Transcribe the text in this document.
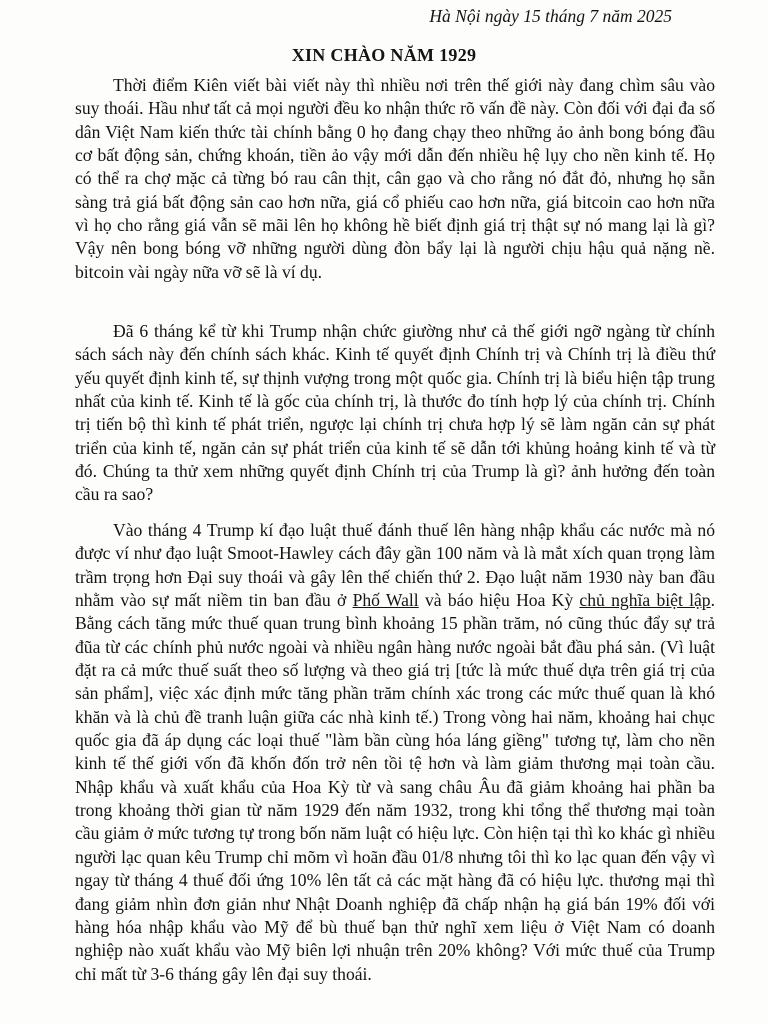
Hà Nội ngày 15 tháng 7 năm 2025
XIN CHÀO NĂM 1929

Thời điểm Kiên viết bài viết này thì nhiều nơi trên thế giới này đang chìm sâu vào suy thoái. Hầu như tất cả mọi người đều ko nhận thức rõ vấn đề này. Còn đối với đại đa số dân Việt Nam kiến thức tài chính bằng 0 họ đang chạy theo những ảo ảnh bong bóng đầu cơ bất động sản, chứng khoán, tiền ảo vậy mới dẫn đến nhiều hệ lụy cho nền kinh tế. Họ có thể ra chợ mặc cả từng bó rau cân thịt, cân gạo và cho rằng nó đắt đỏ, nhưng họ sẵn sàng trả giá bất động sản cao hơn nữa, giá cổ phiếu cao hơn nữa, giá bitcoin cao hơn nữa vì họ cho rằng giá vẫn sẽ mãi lên họ không hề biết định giá trị thật sự nó mang lại là gì? Vậy nên bong bóng vỡ những người dùng đòn bẩy lại là người chịu hậu quả nặng nề. bitcoin vài ngày nữa vỡ sẽ là ví dụ.

Đã 6 tháng kể từ khi Trump nhận chức giường như cả thế giới ngỡ ngàng từ chính sách sách này đến chính sách khác. Kinh tế quyết định Chính trị và Chính trị là điều thứ yếu quyết định kinh tế, sự thịnh vượng trong một quốc gia. Chính trị là biểu hiện tập trung nhất của kinh tế. Kinh tế là gốc của chính trị, là thước đo tính hợp lý của chính trị. Chính trị tiến bộ thì kinh tế phát triển, ngược lại chính trị chưa hợp lý sẽ làm ngăn cản sự phát triển của kinh tế, ngăn cản sự phát triển của kinh tế sẽ dẫn tới khủng hoảng kinh tế và từ đó. Chúng ta thử xem những quyết định Chính trị của Trump là gì? ảnh hưởng đến toàn cầu ra sao?

Vào tháng 4 Trump kí đạo luật thuế đánh thuế lên hàng nhập khẩu các nước mà nó được ví như đạo luật Smoot-Hawley cách đây gần 100 năm và là mắt xích quan trọng làm trầm trọng hơn Đại suy thoái và gây lên thế chiến thứ 2. Đạo luật năm 1930 này ban đầu nhằm vào sự mất niềm tin ban đầu ở Phố Wall và báo hiệu Hoa Kỳ chủ nghĩa biệt lập. Bằng cách tăng mức thuế quan trung bình khoảng 15 phần trăm, nó cũng thúc đẩy sự trả đũa từ các chính phủ nước ngoài và nhiều ngân hàng nước ngoài bắt đầu phá sản. (Vì luật đặt ra cả mức thuế suất theo số lượng và theo giá trị [tức là mức thuế dựa trên giá trị của sản phẩm], việc xác định mức tăng phần trăm chính xác trong các mức thuế quan là khó khăn và là chủ đề tranh luận giữa các nhà kinh tế.) Trong vòng hai năm, khoảng hai chục quốc gia đã áp dụng các loại thuế "làm bần cùng hóa láng giềng" tương tự, làm cho nền kinh tế thế giới vốn đã khốn đốn trở nên tồi tệ hơn và làm giảm thương mại toàn cầu. Nhập khẩu và xuất khẩu của Hoa Kỳ từ và sang châu Âu đã giảm khoảng hai phần ba trong khoảng thời gian từ năm 1929 đến năm 1932, trong khi tổng thể thương mại toàn cầu giảm ở mức tương tự trong bốn năm luật có hiệu lực. Còn hiện tại thì ko khác gì nhiều người lạc quan kêu Trump chỉ mõm vì hoãn đầu 01/8 nhưng tôi thì ko lạc quan đến vậy vì ngay từ tháng 4 thuế đối ứng 10% lên tất cả các mặt hàng đã có hiệu lực. thương mại thì đang giảm nhìn đơn giản như Nhật Doanh nghiệp đã chấp nhận hạ giá bán 19% đối với hàng hóa nhập khẩu vào Mỹ để bù thuế bạn thử nghĩ xem liệu ở Việt Nam có doanh nghiệp nào xuất khẩu vào Mỹ biên lợi nhuận trên 20% không? Với mức thuế của Trump chỉ mất từ 3-6 tháng gây lên đại suy thoái.
